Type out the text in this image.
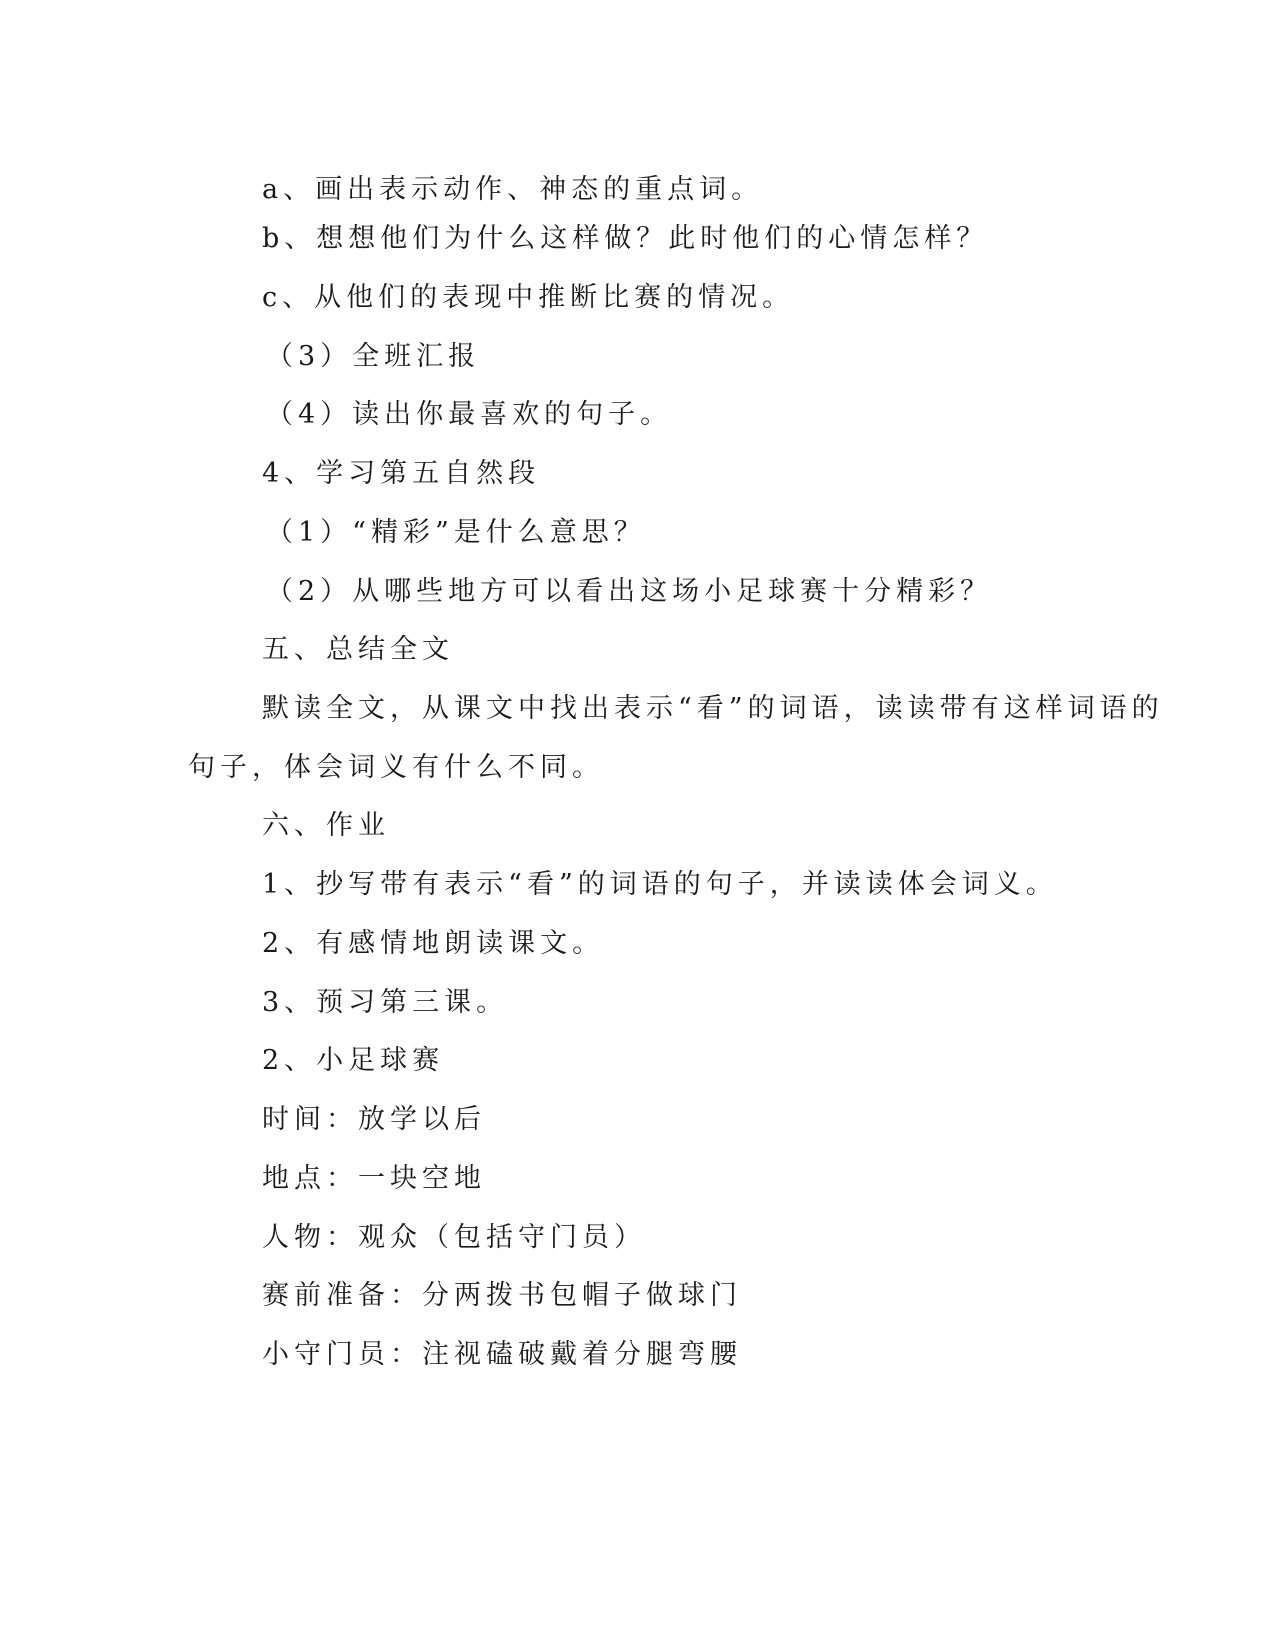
a、画出表示动作、神态的重点词。
b、想想他们为什么这样做？此时他们的心情怎样？
c、从他们的表现中推断比赛的情况。
（3）全班汇报
（4）读出你最喜欢的句子。
4、学习第五自然段
（1）“精彩”是什么意思？
（2）从哪些地方可以看出这场小足球赛十分精彩？
五、总结全文
默读全文，从课文中找出表示“看”的词语，读读带有这样词语的
句子，体会词义有什么不同。
六、作业
1、抄写带有表示“看”的词语的句子，并读读体会词义。
2、有感情地朗读课文。
3、预习第三课。
2、小足球赛
时间：放学以后
地点：一块空地
人物：观众（包括守门员）
赛前准备：分两拨书包帽子做球门
小守门员：注视磕破戴着分腿弯腰
